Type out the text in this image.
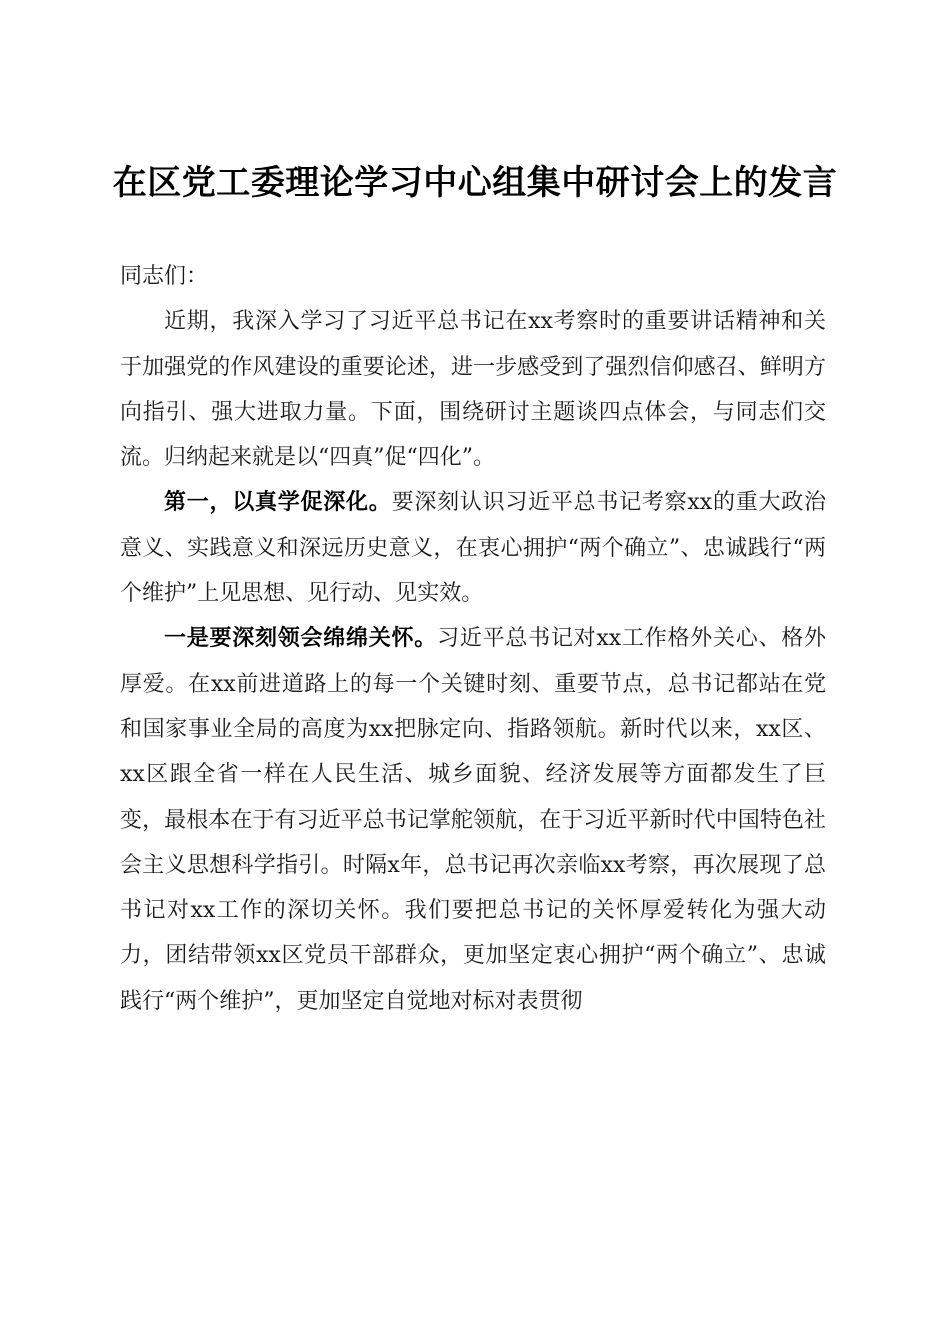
在区党工委理论学习中心组集中研讨会上的发言

同志们：

近期，我深入学习了习近平总书记在xx考察时的重要讲话精神和关于加强党的作风建设的重要论述，进一步感受到了强烈信仰感召、鲜明方向指引、强大进取力量。下面，围绕研讨主题谈四点体会，与同志们交流。归纳起来就是以“四真”促“四化”。

第一，以真学促深化。要深刻认识习近平总书记考察xx的重大政治意义、实践意义和深远历史意义，在衷心拥护“两个确立”、忠诚践行“两个维护”上见思想、见行动、见实效。

一是要深刻领会绵绵关怀。习近平总书记对xx工作格外关心、格外厚爱。在xx前进道路上的每一个关键时刻、重要节点，总书记都站在党和国家事业全局的高度为xx把脉定向、指路领航。新时代以来，xx区、xx区跟全省一样在人民生活、城乡面貌、经济发展等方面都发生了巨变，最根本在于有习近平总书记掌舵领航，在于习近平新时代中国特色社会主义思想科学指引。时隔x年，总书记再次亲临xx考察，再次展现了总书记对xx工作的深切关怀。我们要把总书记的关怀厚爱转化为强大动力，团结带领xx区党员干部群众，更加坚定衷心拥护“两个确立”、忠诚践行“两个维护”，更加坚定自觉地对标对表贯彻
